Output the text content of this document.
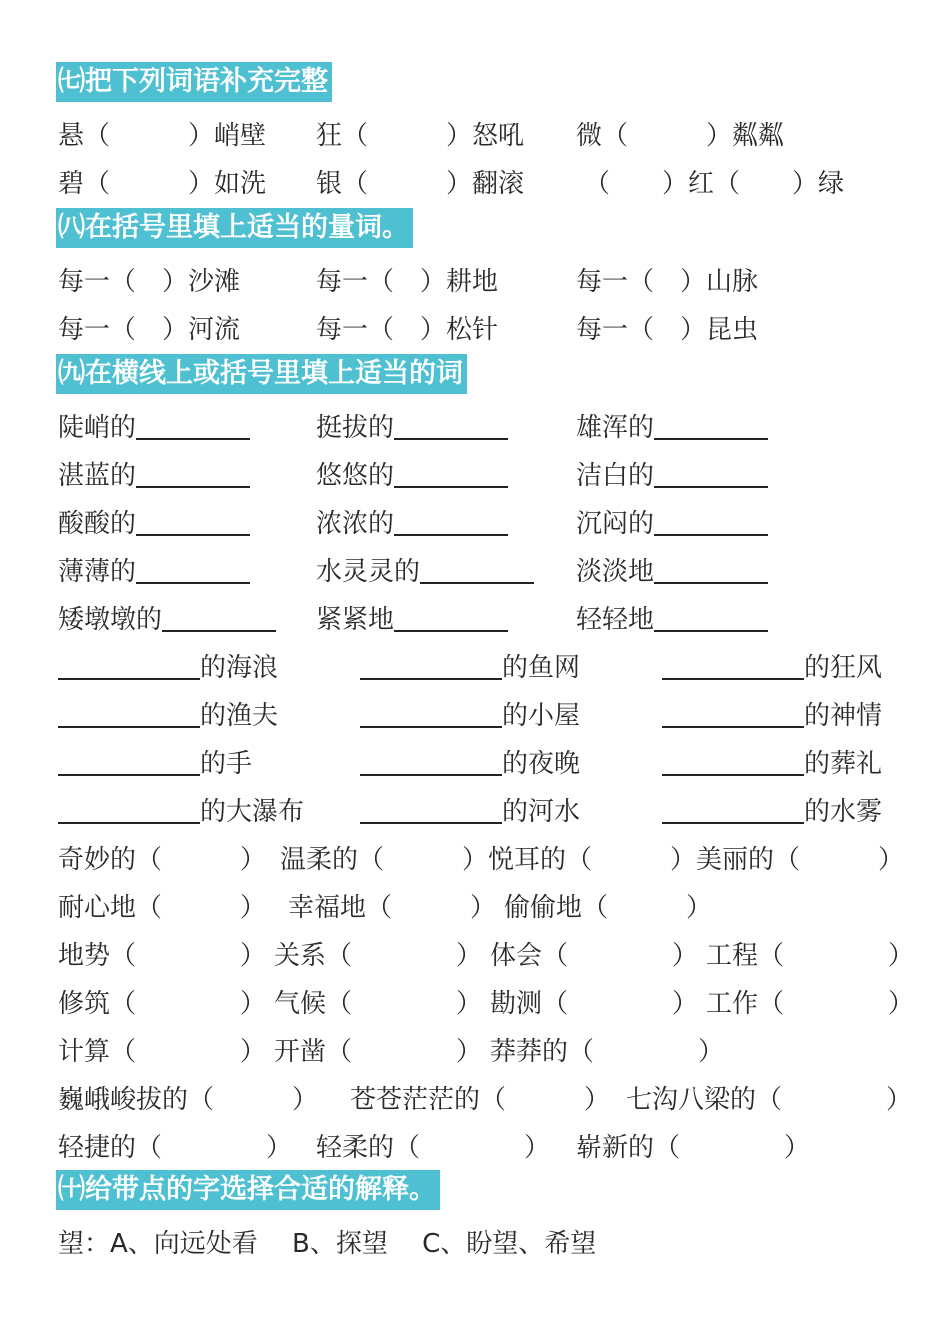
㈦把下列词语补充完整
悬（　　　）峭壁 狂（　　　）怒吼 微（　　　）粼粼
碧（　　　）如洗 银（　　　）翻滚 （　　）红（　　）绿
㈧在括号里填上适当的量词。
每一（　）沙滩	每一（　）耕地	每一（　）山脉
每一（　）河流	每一（　）松针	每一（　）昆虫
㈨在横线上或括号里填上适当的词
陡峭的	挺拔的	雄浑的
湛蓝的	悠悠的	洁白的
酸酸的	浓浓的	沉闷的
薄薄的	水灵灵的	淡淡地
矮墩墩的	紧紧地	轻轻地
的海浪	的鱼网	的狂风
的渔夫	的小屋	的神情
的手	的夜晚	的葬礼
的大瀑布	的河水	的水雾
奇妙的（　　　） 温柔的（　　　） 悦耳的（　　　） 美丽的（　　　）
耐心地（　　　） 幸福地（　　　） 偷偷地（　　　）
地势（　　　　） 关系（　　　　） 体会（　　　　） 工程（　　　　）
修筑（　　　　） 气候（　　　　） 勘测（　　　　） 工作（　　　　）
计算（　　　　） 开凿（　　　　） 莽莽的（　　　　）
巍峨峻拔的（　　　） 苍苍茫茫的（　　　） 七沟八梁的（　　　　）
轻捷的（　　　　） 轻柔的（　　　　） 崭新的（　　　　）
㈩给带点的字选择合适的解释。
望：A、向远处看　 B、探望　 C、盼望、希望
